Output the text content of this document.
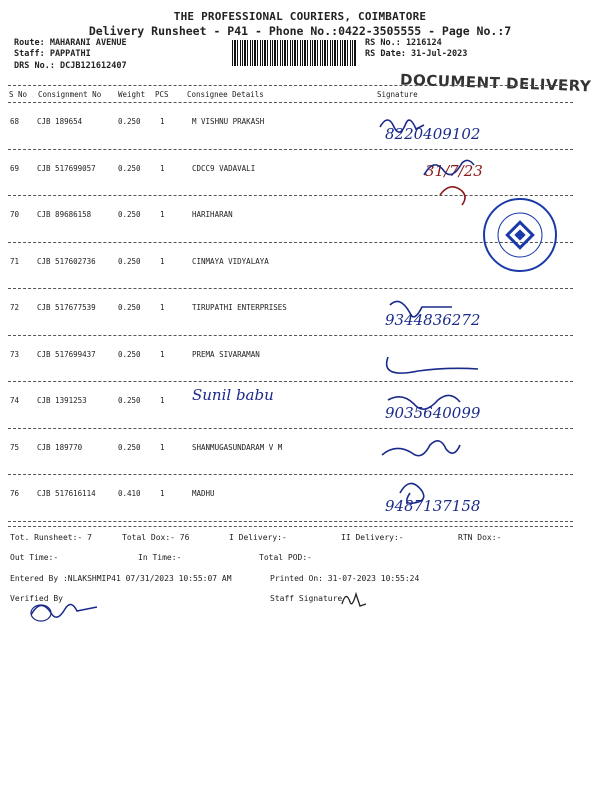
THE PROFESSIONAL COURIERS, COIMBATORE
Delivery Runsheet - P41 - Phone No.:0422-3505555 - Page No.:7
Route: MAHARANI AVENUE
Staff: PAPPATHI
DRS No.: DCJB121612407
RS No.: 1216124
RS Date: 31-Jul-2023
DOCUMENT DELIVERY
S No Consignment No Weight PCS Consignee Details	Signature
68 CJB 189654	0.250	1	M VISHNU PRAKASH
8220409102
69 CJB 517699057	0.250	1	CDCC9 VADAVALI	31/7/23
70 CJB 89686158	0.250	1	HARIHARAN
71 CJB 517602736	0.250	1	CINMAYA VIDYALAYA
72 CJB 517677539	0.250	1	TIRUPATHI ENTERPRISES
9344836272
73 CJB 517699437	0.250	1	PREMA SIVARAMAN
74 CJB 1391253	0.250	1 Sunil babu
9035640099
75 CJB 189770	0.250	1	SHANMUGASUNDARAM V M
76 CJB 517616114	0.410	1	MADHU
9487137158
Tot. Runsheet:- 7	Total Dox:- 76	I Delivery:-	II Delivery:-	RTN Dox:-
Out Time:-	In Time:-	Total POD:-
Entered By :NLAKSHMIP41 07/31/2023 10:55:07 AM	Printed On: 31-07-2023 10:55:24
Verified By	Staff Signature
